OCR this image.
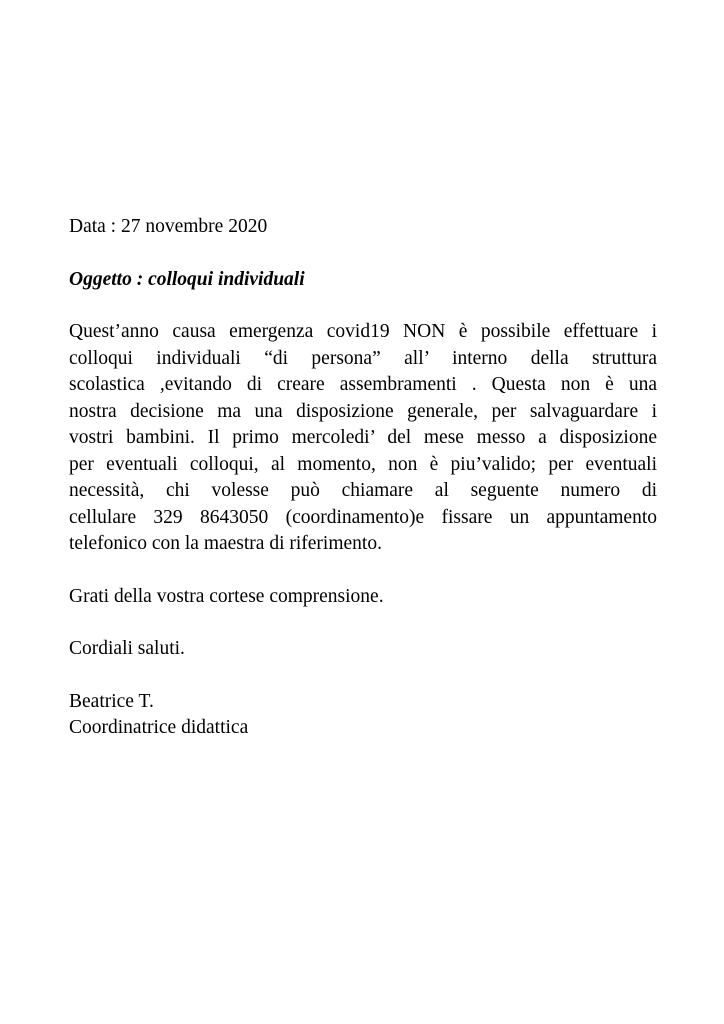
Data : 27 novembre 2020

Oggetto : colloqui individuali

Quest’anno causa emergenza covid19 NON è possibile effettuare i
colloqui individuali “di persona” all’ interno della struttura
scolastica ,evitando di creare assembramenti . Questa non è una
nostra decisione ma una disposizione generale, per salvaguardare i
vostri bambini. Il primo mercoledi’ del mese messo a disposizione
per eventuali colloqui, al momento, non è piu’valido; per eventuali
necessità, chi volesse può chiamare al seguente numero di
cellulare 329 8643050 (coordinamento)e fissare un appuntamento
telefonico con la maestra di riferimento.

Grati della vostra cortese comprensione.

Cordiali saluti.

Beatrice T.
Coordinatrice didattica
